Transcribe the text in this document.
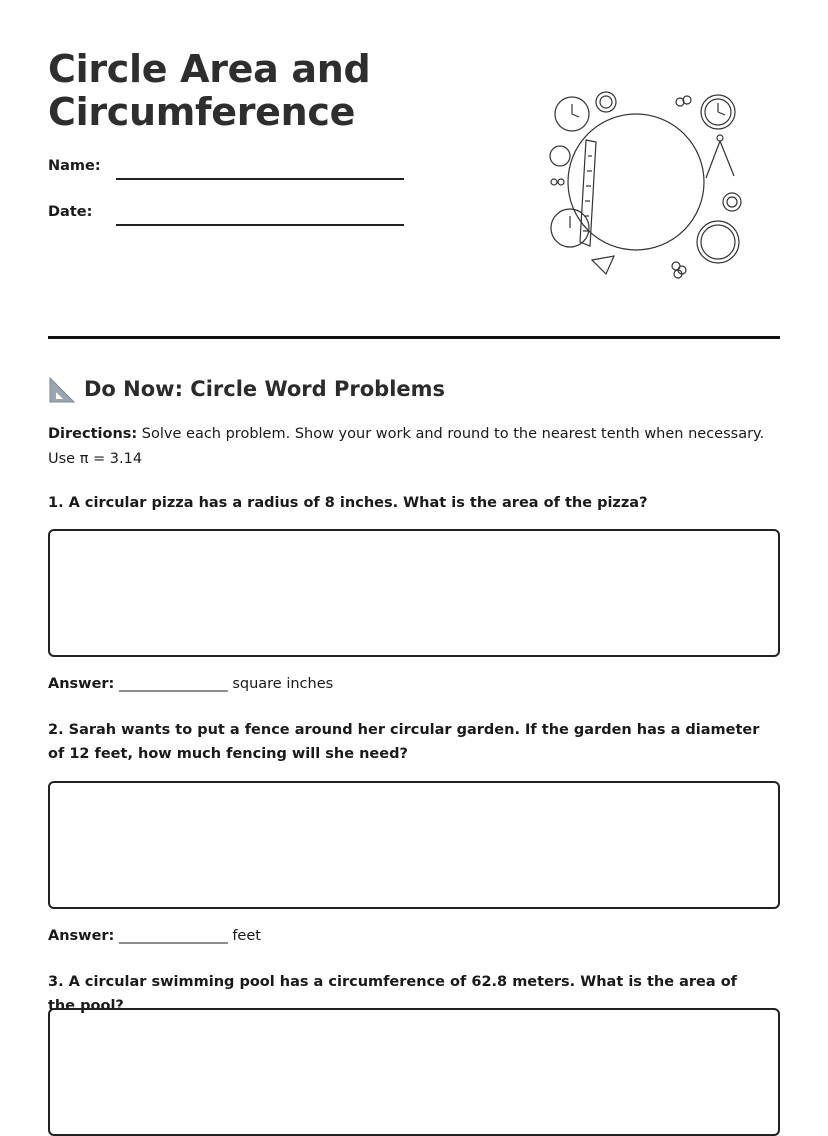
Circle Area and Circumference
Name:
Date:
Do Now: Circle Word Problems
Directions: Solve each problem. Show your work and round to the nearest tenth when necessary. Use π = 3.14
1. A circular pizza has a radius of 8 inches. What is the area of the pizza?
Answer: _______________ square inches
2. Sarah wants to put a fence around her circular garden. If the garden has a diameter of 12 feet, how much fencing will she need?
Answer: _______________ feet
3. A circular swimming pool has a circumference of 62.8 meters. What is the area of the pool?
